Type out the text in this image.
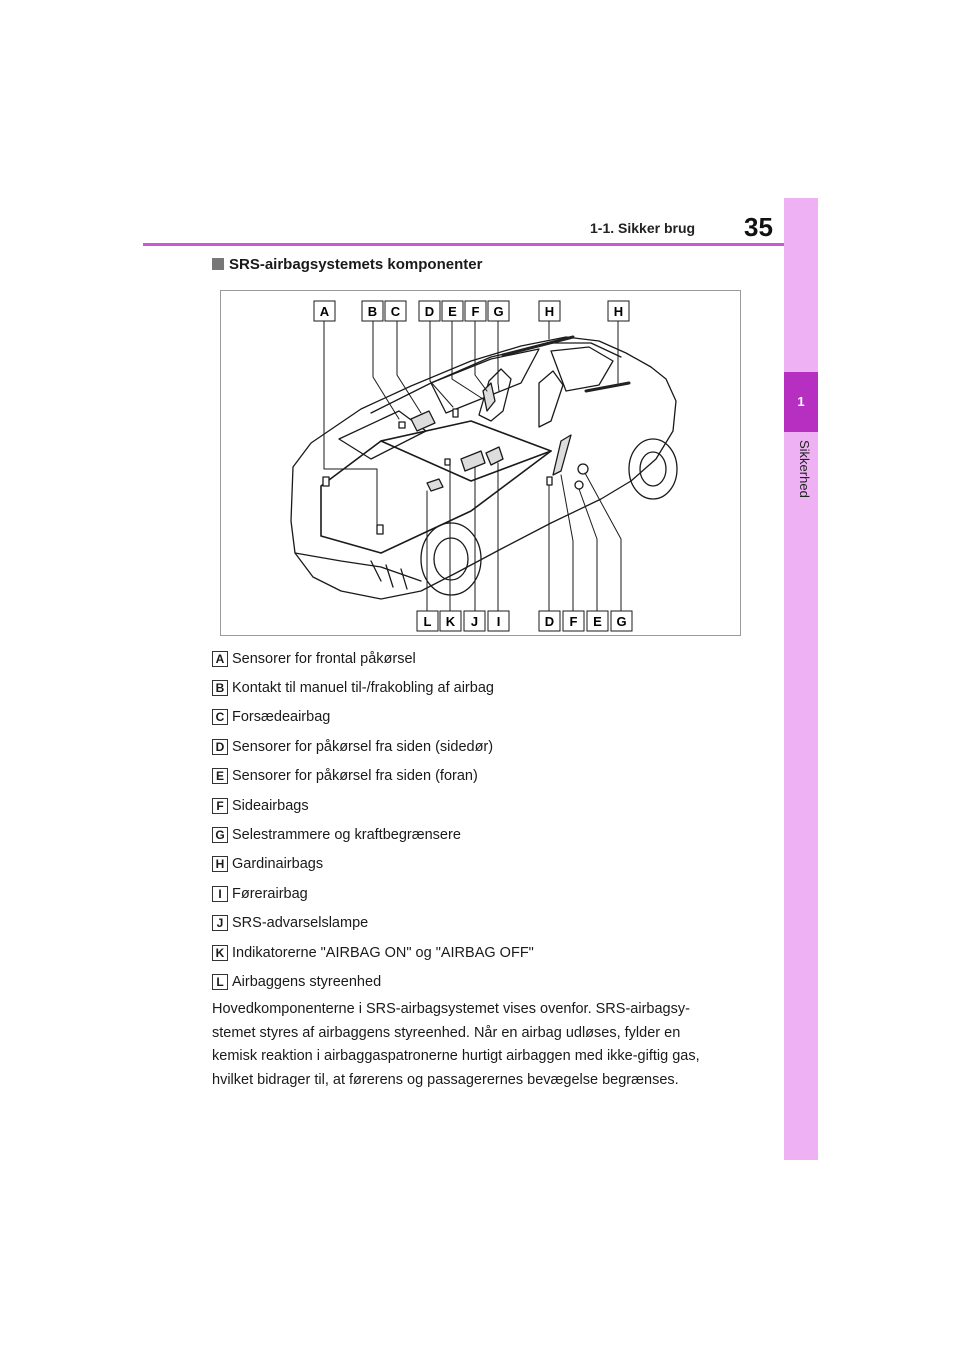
1-1. Sikker brug 35
1
Sikkerhed
SRS-airbagsystemets komponenter
A	B C D E F G	H	H
L K J I	D F E G
A Sensorer for frontal påkørsel
B Kontakt til manuel til-/frakobling af airbag
C Forsædeairbag
D Sensorer for påkørsel fra siden (sidedør)
E Sensorer for påkørsel fra siden (foran)
F Sideairbags
G Selestrammere og kraftbegrænsere
H Gardinairbags
I Førerairbag
J SRS-advarselslampe
K Indikatorerne "AIRBAG ON" og "AIRBAG OFF"
L Airbaggens styreenhed
Hovedkomponenterne i SRS-airbagsystemet vises ovenfor. SRS-airbagsy-
stemet styres af airbaggens styreenhed. Når en airbag udløses, fylder en
kemisk reaktion i airbaggaspatronerne hurtigt airbaggen med ikke-giftig gas,
hvilket bidrager til, at førerens og passagerernes bevægelse begrænses.
